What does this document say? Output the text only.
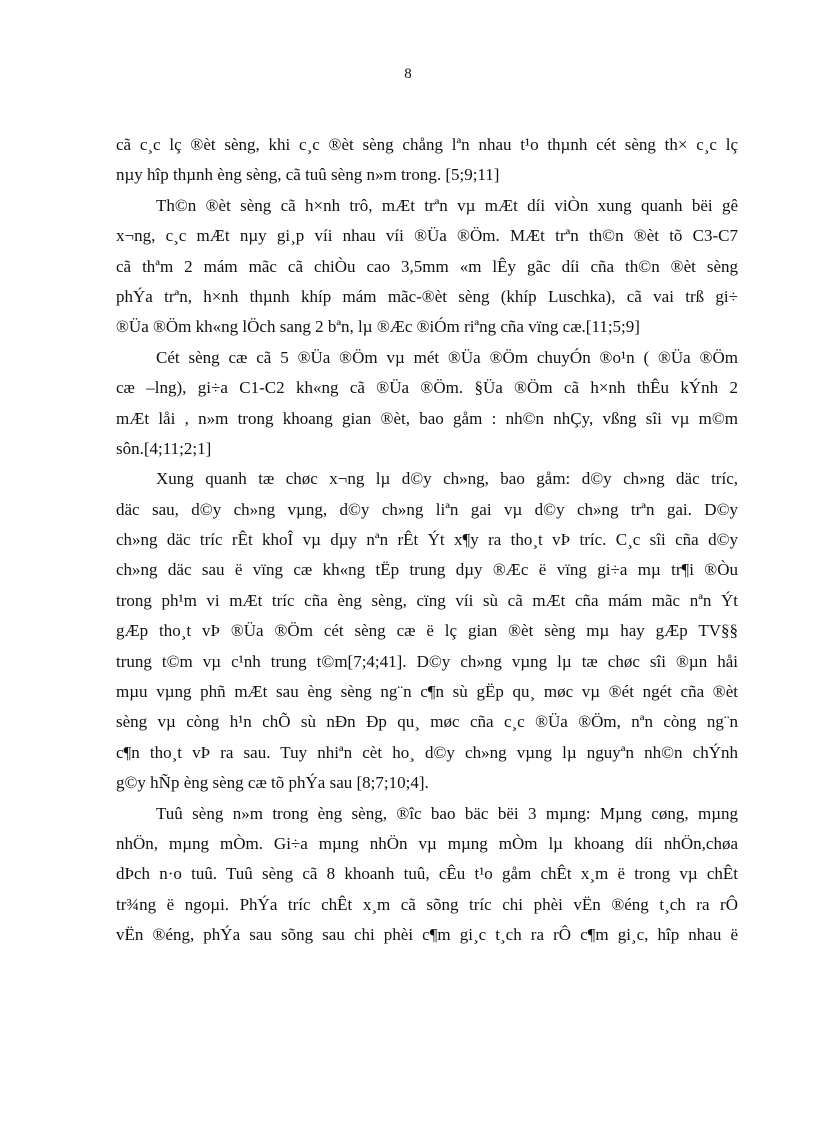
8

cã c¸c lç ®èt sèng, khi c¸c ®èt sèng chång lªn nhau t¹o thµnh cét sèng th× c¸c lç

nµy hîp thµnh èng sèng, cã tuû sèng n»m trong. [5;9;11]

Th©n ®èt sèng cã h×nh trô, mÆt trªn vµ mÆt díi viÒn xung quanh bëi gê

x¬ng, c¸c mÆt nµy gi¸p víi nhau víi ®Üa ®Öm. MÆt trªn th©n ®èt tõ C3-C7

cã thªm 2 mám mãc cã chiÒu cao 3,5mm «m lÊy gãc díi cña th©n ®èt sèng

phÝa trªn, h×nh thµnh khíp mám mãc-®èt sèng (khíp Luschka), cã vai trß gi÷

®Üa ®Öm kh«ng lÖch sang 2 bªn, lµ ®Æc ®iÓm riªng cña vïng cæ.[11;5;9]

Cét sèng cæ cã 5 ®Üa ®Öm vµ mét ®Üa ®Öm chuyÓn ®o¹n ( ®Üa ®Öm

cæ –lng), gi÷a C1-C2 kh«ng cã ®Üa ®Öm. §Üa ®Öm cã h×nh thÊu kÝnh 2

mÆt låi , n»m trong khoang gian ®èt, bao gåm : nh©n nhÇy, vßng sîi vµ m©m

sôn.[4;11;2;1]

Xung quanh tæ chøc x¬ng lµ d©y ch»ng, bao gåm: d©y ch»ng däc tríc,

däc sau, d©y ch»ng vµng, d©y ch»ng liªn gai vµ d©y ch»ng trªn gai. D©y

ch»ng däc tríc rÊt khoÎ vµ dµy nªn rÊt Ýt x¶y ra tho¸t vÞ tríc. C¸c sîi cña d©y

ch»ng däc sau ë vïng cæ kh«ng tËp trung dµy ®Æc ë vïng gi÷a mµ tr¶i ®Òu

trong ph¹m vi mÆt tríc cña èng sèng, cïng víi sù cã mÆt cña mám mãc nªn Ýt

gÆp tho¸t vÞ ®Üa ®Öm cét sèng cæ ë lç gian ®èt sèng mµ hay gÆp TV§§

trung t©m vµ c¹nh trung t©m[7;4;41]. D©y ch»ng vµng lµ tæ chøc sîi ®µn håi

mµu vµng phñ mÆt sau èng sèng ng¨n c¶n sù gËp qu¸ møc vµ ®ét ngét cña ®èt

sèng vµ còng h¹n chÕ sù nÐn Ðp qu¸ møc cña c¸c ®Üa ®Öm, nªn còng ng¨n

c¶n tho¸t vÞ ra sau. Tuy nhiªn cèt ho¸ d©y ch»ng vµng lµ nguyªn nh©n chÝnh

g©y hÑp èng sèng cæ tõ phÝa sau [8;7;10;4].

Tuû sèng n»m trong èng sèng, ®îc bao bäc bëi 3 mµng: Mµng cøng, mµng

nhÖn, mµng mÒm. Gi÷a mµng nhÖn vµ mµng mÒm lµ khoang díi nhÖn,chøa

dÞch n·o tuû. Tuû sèng cã 8 khoanh tuû, cÊu t¹o gåm chÊt x¸m ë trong vµ chÊt

tr¾ng ë ngoµi. PhÝa tríc chÊt x¸m cã sõng tríc chi phèi vËn ®éng t¸ch ra rÔ

vËn ®éng, phÝa sau sõng sau chi phèi c¶m gi¸c t¸ch ra rÔ c¶m gi¸c, hîp nhau ë
